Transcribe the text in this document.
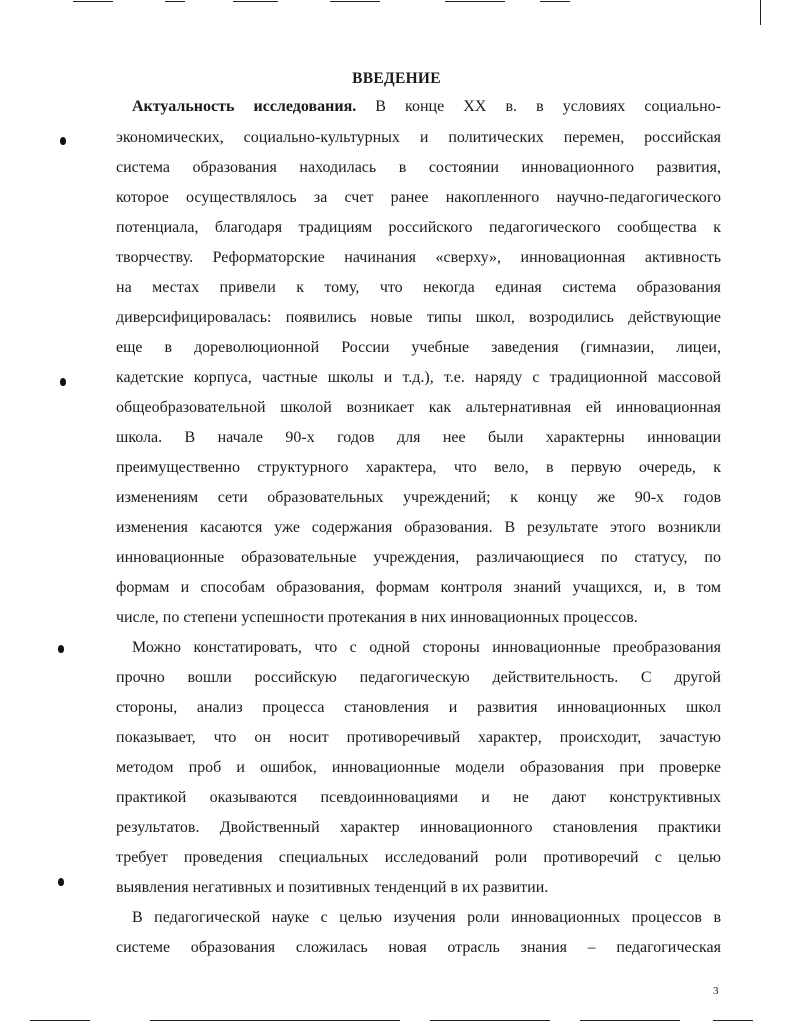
ВВЕДЕНИЕ
Актуальность исследования. В конце XX в. в условиях социально-
экономических, социально-культурных и политических перемен, российская
система образования находилась в состоянии инновационного развития,
которое осуществлялось за счет ранее накопленного научно-педагогического
потенциала, благодаря традициям российского педагогического сообщества к
творчеству. Реформаторские начинания «сверху», инновационная активность
на местах привели к тому, что некогда единая система образования
диверсифицировалась: появились новые типы школ, возродились действующие
еще в дореволюционной России учебные заведения (гимназии, лицеи,
кадетские корпуса, частные школы и т.д.), т.е. наряду с традиционной массовой
общеобразовательной школой возникает как альтернативная ей инновационная
школа. В начале 90-х годов для нее были характерны инновации
преимущественно структурного характера, что вело, в первую очередь, к
изменениям сети образовательных учреждений; к концу же 90-х годов
изменения касаются уже содержания образования. В результате этого возникли
инновационные образовательные учреждения, различающиеся по статусу, по
формам и способам образования, формам контроля знаний учащихся, и, в том
числе, по степени успешности протекания в них инновационных процессов.
Можно констатировать, что с одной стороны инновационные преобразования
прочно вошли российскую педагогическую действительность. С другой
стороны, анализ процесса становления и развития инновационных школ
показывает, что он носит противоречивый характер, происходит, зачастую
методом проб и ошибок, инновационные модели образования при проверке
практикой оказываются псевдоинновациями и не дают конструктивных
результатов. Двойственный характер инновационного становления практики
требует проведения специальных исследований роли противоречий с целью
выявления негативных и позитивных тенденций в их развитии.
В педагогической науке с целью изучения роли инновационных процессов в
системе образования сложилась новая отрасль знания – педагогическая
3
